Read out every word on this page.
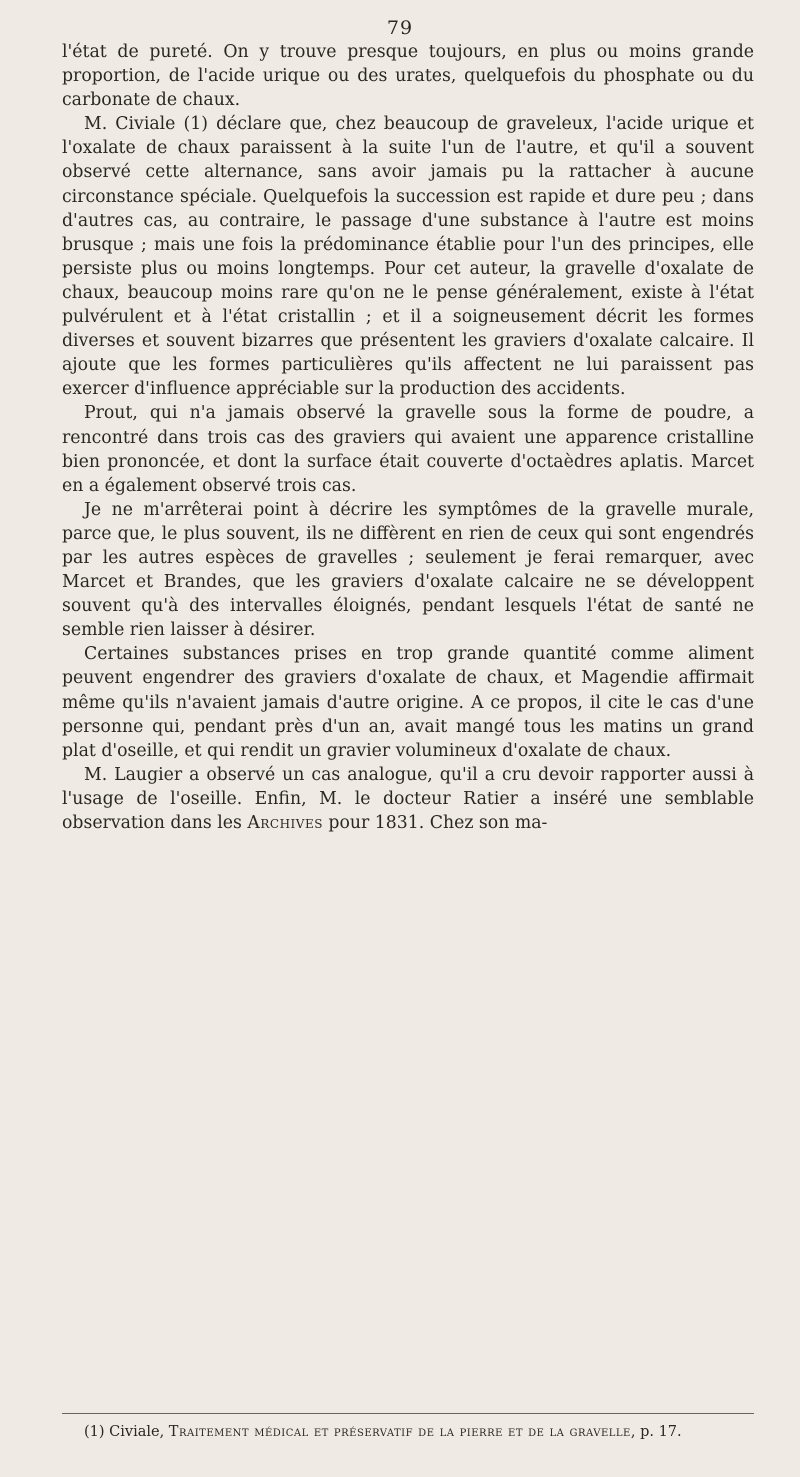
79

l'état de pureté. On y trouve presque toujours, en plus ou moins grande proportion, de l'acide urique ou des urates, quelquefois du phosphate ou du carbonate de chaux.

M. Civiale (1) déclare que, chez beaucoup de graveleux, l'acide urique et l'oxalate de chaux paraissent à la suite l'un de l'autre, et qu'il a souvent observé cette alternance, sans avoir jamais pu la rattacher à aucune circonstance spéciale. Quelquefois la succession est rapide et dure peu ; dans d'autres cas, au contraire, le passage d'une substance à l'autre est moins brusque ; mais une fois la prédominance établie pour l'un des principes, elle persiste plus ou moins longtemps. Pour cet auteur, la gravelle d'oxalate de chaux, beaucoup moins rare qu'on ne le pense généralement, existe à l'état pulvérulent et à l'état cristallin ; et il a soigneusement décrit les formes diverses et souvent bizarres que présentent les graviers d'oxalate calcaire. Il ajoute que les formes particulières qu'ils affectent ne lui paraissent pas exercer d'influence appréciable sur la production des accidents.

Prout, qui n'a jamais observé la gravelle sous la forme de poudre, a rencontré dans trois cas des graviers qui avaient une apparence cristalline bien prononcée, et dont la surface était couverte d'octaèdres aplatis. Marcet en a également observé trois cas.

Je ne m'arrêterai point à décrire les symptômes de la gravelle murale, parce que, le plus souvent, ils ne diffèrent en rien de ceux qui sont engendrés par les autres espèces de gravelles ; seulement je ferai remarquer, avec Marcet et Brandes, que les graviers d'oxalate calcaire ne se développent souvent qu'à des intervalles éloignés, pendant lesquels l'état de santé ne semble rien laisser à désirer.

Certaines substances prises en trop grande quantité comme aliment peuvent engendrer des graviers d'oxalate de chaux, et Magendie affirmait même qu'ils n'avaient jamais d'autre origine. A ce propos, il cite le cas d'une personne qui, pendant près d'un an, avait mangé tous les matins un grand plat d'oseille, et qui rendit un gravier volumineux d'oxalate de chaux.

M. Laugier a observé un cas analogue, qu'il a cru devoir rapporter aussi à l'usage de l'oseille. Enfin, M. le docteur Ratier a inséré une semblable observation dans les Archives pour 1831. Chez son ma-

(1) Civiale, Traitement médical et préservatif de la pierre et de la gravelle, p. 17.
